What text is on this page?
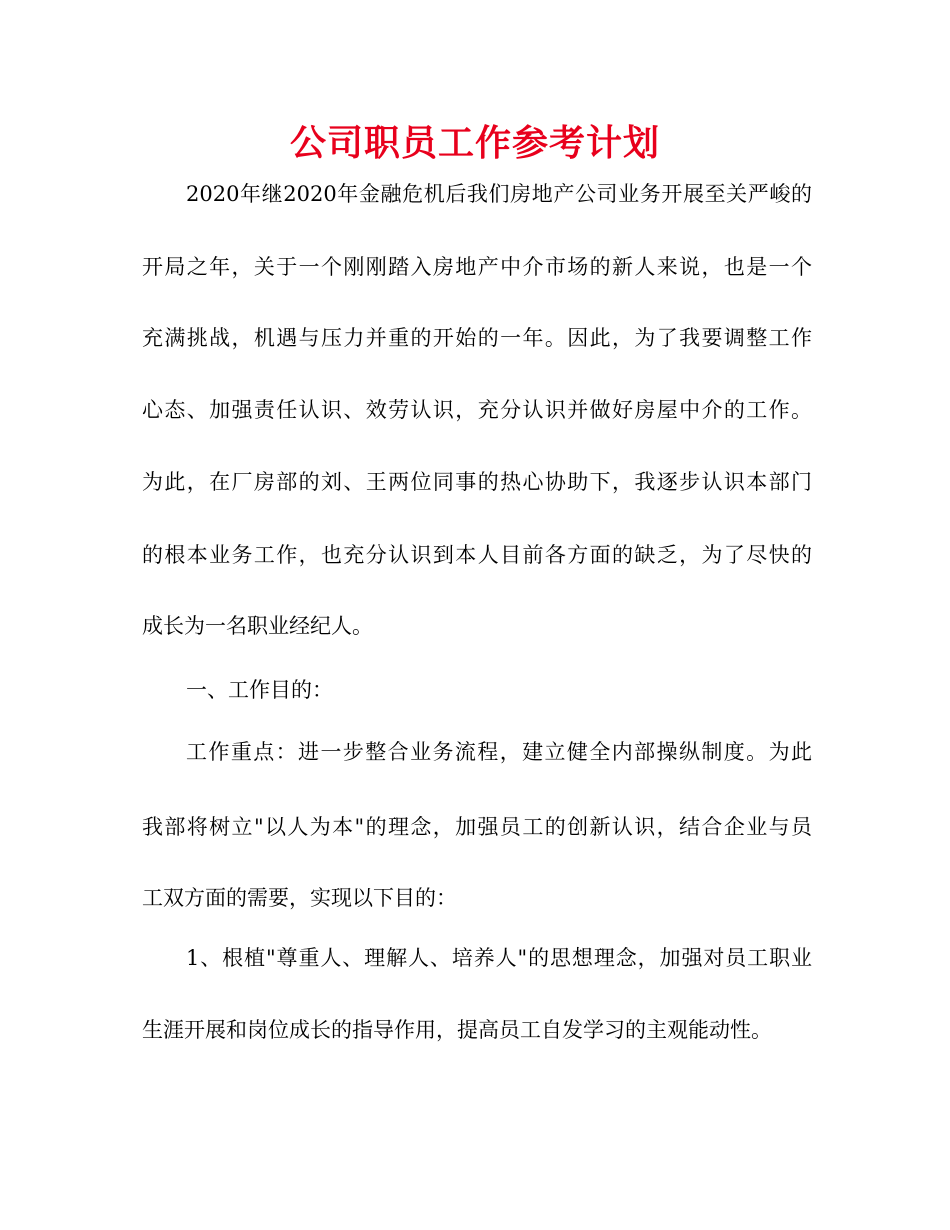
公司职员工作参考计划

2020年继2020年金融危机后我们房地产公司业务开展至关严峻的

开局之年，关于一个刚刚踏入房地产中介市场的新人来说，也是一个

充满挑战，机遇与压力并重的开始的一年。因此，为了我要调整工作

心态、加强责任认识、效劳认识，充分认识并做好房屋中介的工作。

为此，在厂房部的刘、王两位同事的热心协助下，我逐步认识本部门

的根本业务工作，也充分认识到本人目前各方面的缺乏，为了尽快的

成长为一名职业经纪人。

一、工作目的：

工作重点：进一步整合业务流程，建立健全内部操纵制度。为此

我部将树立"以人为本"的理念，加强员工的创新认识，结合企业与员

工双方面的需要，实现以下目的：

1、根植"尊重人、理解人、培养人"的思想理念，加强对员工职业

生涯开展和岗位成长的指导作用，提高员工自发学习的主观能动性。
